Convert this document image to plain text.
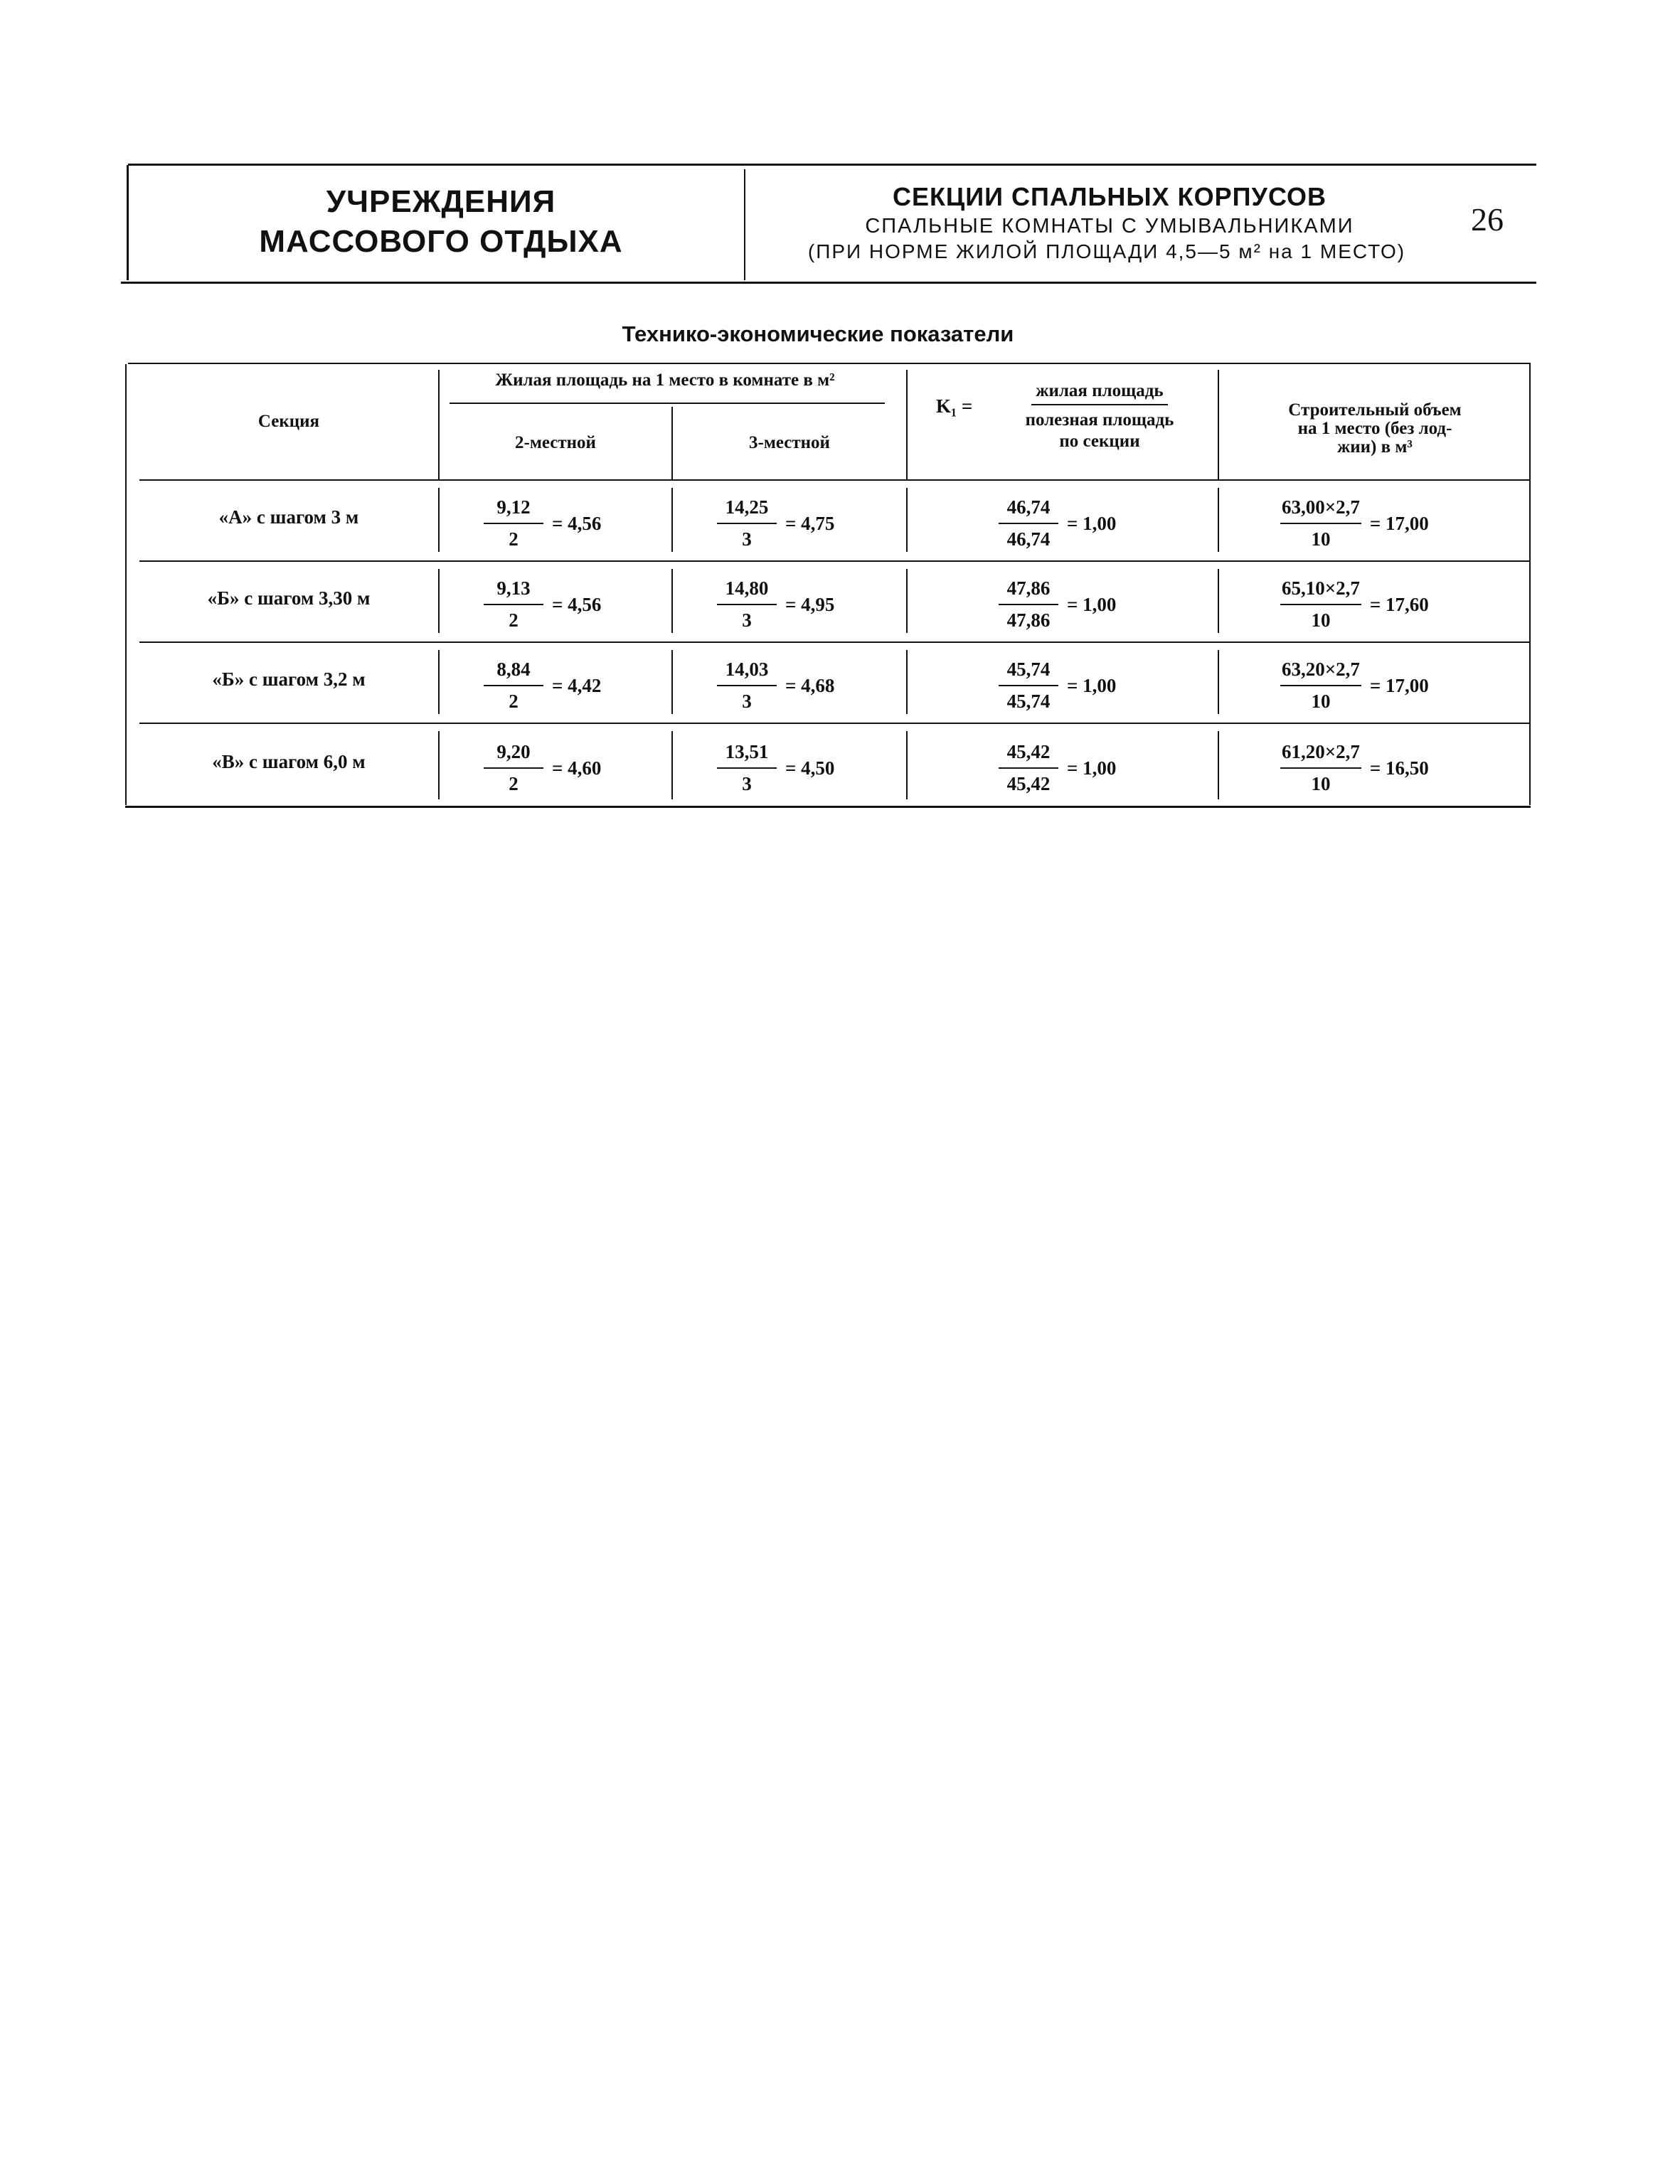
УЧРЕЖДЕНИЯ
МАССОВОГО ОТДЫХА
СЕКЦИИ СПАЛЬНЫХ КОРПУСОВ
СПАЛЬНЫЕ КОМНАТЫ С УМЫВАЛЬНИКАМИ
(ПРИ НОРМЕ ЖИЛОЙ ПЛОЩАДИ 4,5—5 м² на 1 МЕСТО)
26
Технико-экономические показатели
Секция
Жилая площадь на 1 место в комнате в м²
2-местной	3-местной
K₁ =
жилая площадь
полезная площадь
по секции
Строительный объем
на 1 место (без лод-
жии) в м³
«А» с шагом 3 м	$\frac{9,12}{2} = 4,56$	$\frac{14,25}{3} = 4,75$	$\frac{46,74}{46,74} = 1,00$	$\frac{63,00\times 2,7}{10} = 17,00$
«Б» с шагом 3,30 м	$\frac{9,13}{2} = 4,56$	$\frac{14,80}{3} = 4,95$	$\frac{47,86}{47,86} = 1,00$	$\frac{65,10\times 2,7}{10} = 17,60$
«Б» с шагом 3,2 м	$\frac{8,84}{2} = 4,42$	$\frac{14,03}{3} = 4,68$	$\frac{45,74}{45,74} = 1,00$	$\frac{63,20\times 2,7}{10} = 17,00$
«В» с шагом 6,0 м	$\frac{9,20}{2} = 4,60$	$\frac{13,51}{3} = 4,50$	$\frac{45,42}{45,42} = 1,00$	$\frac{61,20\times 2,7}{10} = 16,50$
